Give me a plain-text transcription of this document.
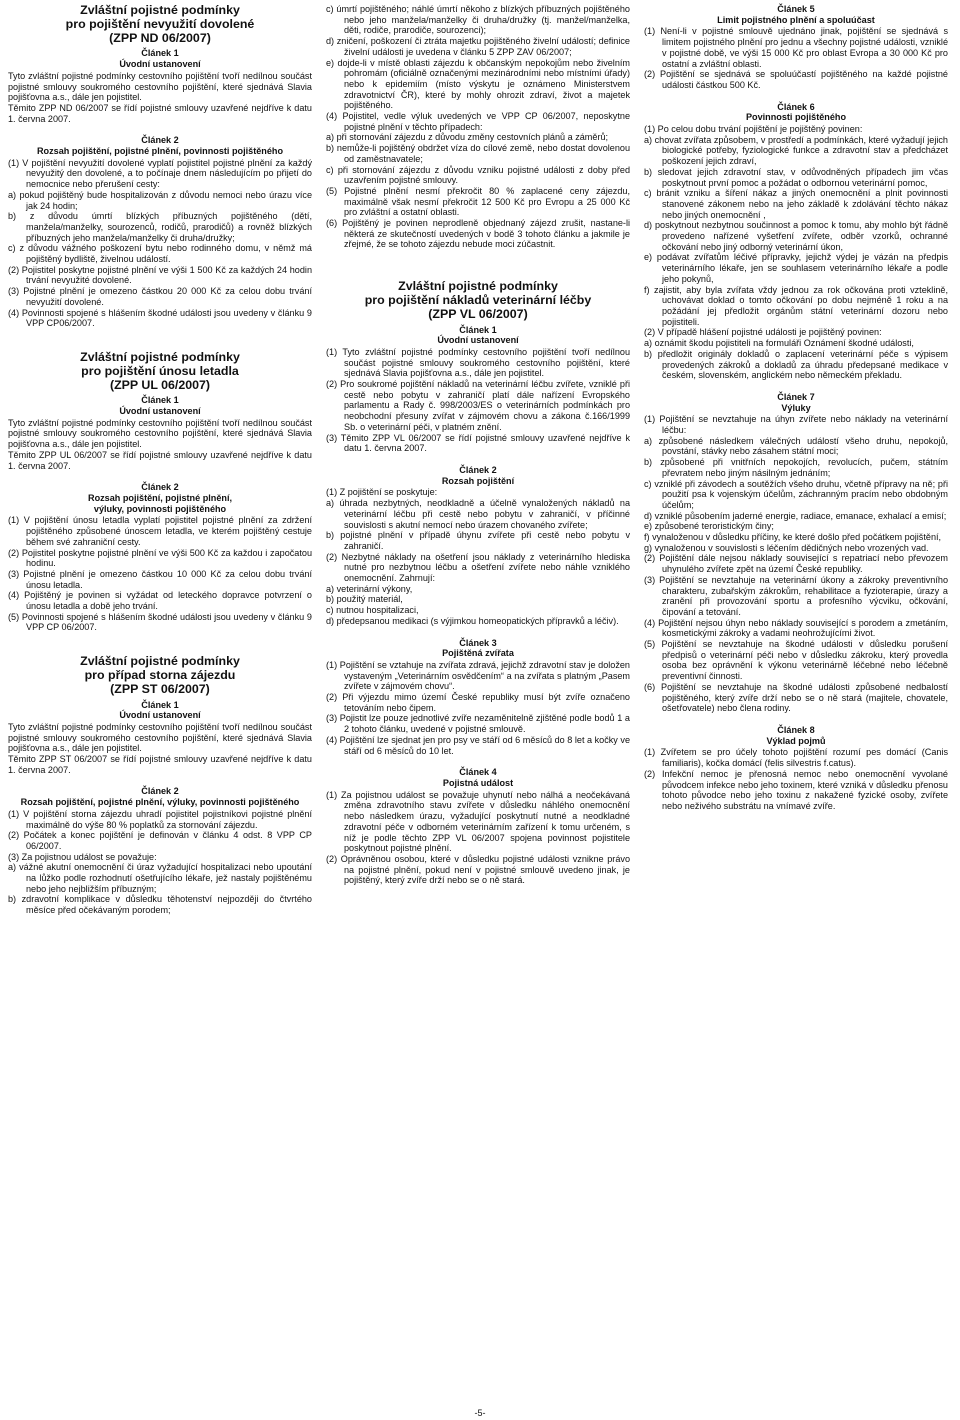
Zvláštní pojistné podmínky
pro pojištění nevyužití dovolené
(ZPP ND 06/2007)
Článek 1
Úvodní ustanovení

Tyto zvláštní pojistné podmínky cestovního pojištění tvoří nedílnou součást pojistné smlouvy soukromého cestovního pojištění, které sjednává Slavia pojišťovna a.s., dále jen pojistitel.

Těmito ZPP ND 06/2007 se řídí pojistné smlouvy uzavřené nejdříve k datu 1. června 2007.

Článek 2
Rozsah pojištění, pojistné plnění, povinnosti pojištěného

(1) V pojištění nevyužití dovolené vyplatí pojistitel pojistné plnění za každý nevyužitý den dovolené, a to počínaje dnem následujícím po přijetí do nemocnice nebo přerušení cesty:

a) pokud pojištěný bude hospitalizován z důvodu nemoci nebo úrazu více jak 24 hodin;

b) z důvodu úmrtí blízkých příbuzných pojištěného (dětí, manžela/manželky, sourozenců, rodičů, prarodičů) a rovněž blízkých příbuzných jeho manžela/manželky či druha/družky;

c) z důvodu vážného poškození bytu nebo rodinného domu, v němž má pojištěný bydliště, živelnou událostí.

(2) Pojistitel poskytne pojistné plnění ve výši 1 500 Kč za každých 24 hodin trvání nevyužité dovolené.

(3) Pojistné plnění je omezeno částkou 20 000 Kč za celou dobu trvání nevyužití dovolené.

(4) Povinnosti spojené s hlášením škodné události jsou uvedeny v článku 9 VPP CP06/2007.

Zvláštní pojistné podmínky
pro pojištění únosu letadla
(ZPP UL 06/2007)
Článek 1
Úvodní ustanovení

Tyto zvláštní pojistné podmínky cestovního pojištění tvoří nedílnou součást pojistné smlouvy soukromého cestovního pojištění, které sjednává Slavia pojišťovna a.s., dále jen pojistitel.

Těmito ZPP UL 06/2007 se řídí pojistné smlouvy uzavřené nejdříve k datu 1. června 2007.

Článek 2
Rozsah pojištění, pojistné plnění,
výluky, povinnosti pojištěného

(1) V pojištění únosu letadla vyplatí pojistitel pojistné plnění za zdržení pojištěného způsobené únoscem letadla, ve kterém pojištěný cestuje během své zahraniční cesty.

(2) Pojistitel poskytne pojistné plnění ve výši 500 Kč za každou i započatou hodinu.

(3) Pojistné plnění je omezeno částkou 10 000 Kč za celou dobu trvání únosu letadla.

(4) Pojištěný je povinen si vyžádat od leteckého dopravce potvrzení o únosu letadla a době jeho trvání.

(5) Povinnosti spojené s hlášením škodné události jsou uvedeny v článku 9 VPP CP 06/2007.

Zvláštní pojistné podmínky
pro případ storna zájezdu
(ZPP ST 06/2007)
Článek 1
Úvodní ustanovení

Tyto zvláštní pojistné podmínky cestovního pojištění tvoří nedílnou součást pojistné smlouvy soukromého cestovního pojištění, které sjednává Slavia pojišťovna a.s., dále jen pojistitel.

Těmito ZPP ST 06/2007 se řídí pojistné smlouvy uzavřené nejdříve k datu 1. června 2007.

Článek 2
Rozsah pojištění, pojistné plnění, výluky, povinnosti pojištěného

(1) V pojištění storna zájezdu uhradí pojistitel pojistníkovi pojistné plnění maximálně do výše 80 % poplatků za stornování zájezdu.

(2) Počátek a konec pojištění je definován v článku 4 odst. 8 VPP CP 06/2007.

(3) Za pojistnou událost se považuje:

a) vážné akutní onemocnění či úraz vyžadující hospitalizaci nebo upoutání na lůžko podle rozhodnutí ošetřujícího lékaře, jež nastaly pojištěnému nebo jeho nejbližším příbuzným;

b) zdravotní komplikace v důsledku těhotenství nejpozději do čtvrtého měsíce před očekávaným porodem;

c) úmrtí pojištěného; náhlé úmrtí někoho z blízkých příbuzných pojištěného nebo jeho manžela/manželky či druha/družky (tj. manžel/manželka, děti, rodiče, prarodiče, sourozenci);

d) zničení, poškození či ztráta majetku pojištěného živelní událostí; definice živelní události je uvedena v článku 5 ZPP ZAV 06/2007;

e) dojde-li v místě oblasti zájezdu k občanským nepokojům nebo živelním pohromám (oficiálně označenými mezinárodními nebo místními úřady) nebo k epidemiím (místo výskytu je oznámeno Ministerstvem zdravotnictví ČR), které by mohly ohrozit zdraví, život a majetek pojištěného.

(4) Pojistitel, vedle výluk uvedených ve VPP CP 06/2007, neposkytne pojistné plnění v těchto případech:

a) při stornování zájezdu z důvodu změny cestovních plánů a záměrů;

b) nemůže-li pojištěný obdržet víza do cílové země, nebo dostat dovolenou od zaměstnavatele;

c) při stornování zájezdu z důvodu vzniku pojistné události z doby před uzavřením pojistné smlouvy.

(5) Pojistné plnění nesmí překročit 80 % zaplacené ceny zájezdu, maximálně však nesmí překročit 12 500 Kč pro Evropu a 25 000 Kč pro zvláštní a ostatní oblasti.

(6) Pojištěný je povinen neprodleně objednaný zájezd zrušit, nastane-li některá ze skutečností uvedených v bodě 3 tohoto článku a jakmile je zřejmé, že se tohoto zájezdu nebude moci zúčastnit.

Zvláštní pojistné podmínky
pro pojištění nákladů veterinární léčby
(ZPP VL 06/2007)
Článek 1
Úvodní ustanovení

(1) Tyto zvláštní pojistné podmínky cestovního pojištění tvoří nedílnou součást pojistné smlouvy soukromého cestovního pojištění, které sjednává Slavia pojišťovna a.s., dále jen pojistitel.

(2) Pro soukromé pojištění nákladů na veterinární léčbu zvířete, vzniklé při cestě nebo pobytu v zahraničí platí dále nařízení Evropského parlamentu a Rady č. 998/2003/ES o veterinárních podmínkách pro neobchodní přesuny zvířat v zájmovém chovu a zákona č.166/1999 Sb. o veterinární péči, v platném znění.

(3) Těmito ZPP VL 06/2007 se řídí pojistné smlouvy uzavřené nejdříve k datu 1. června 2007.

Článek 2
Rozsah pojištění

(1) Z pojištění se poskytuje:

a) úhrada nezbytných, neodkladně a účelně vynaložených nákladů na veterinární léčbu při cestě nebo pobytu v zahraničí, v příčinné souvislosti s akutní nemocí nebo úrazem chovaného zvířete;

b) pojistné plnění v případě úhynu zvířete při cestě nebo pobytu v zahraničí.

(2) Nezbytné náklady na ošetření jsou náklady z veterinárního hlediska nutné pro nezbytnou léčbu a ošetření zvířete nebo náhle vzniklého onemocnění. Zahrnují:

a) veterinární výkony,

b) použitý materiál,

c) nutnou hospitalizaci,

d) předepsanou medikaci (s výjimkou homeopatických přípravků a léčiv).

Článek 3
Pojištěná zvířata

(1) Pojištění se vztahuje na zvířata zdravá, jejichž zdravotní stav je doložen vystaveným „Veterinárním osvědčením“ a na zvířata s platným „Pasem zvířete v zájmovém chovu“.

(2) Při výjezdu mimo území České republiky musí být zvíře označeno tetováním nebo čipem.

(3) Pojistit lze pouze jednotlivé zvíře nezaměnitelně zjištěné podle bodů 1 a 2 tohoto článku, uvedené v pojistné smlouvě.

(4) Pojištění lze sjednat jen pro psy ve stáří od 6 měsíců do 8 let a kočky ve stáří od 6 měsíců do 10 let.

Článek 4
Pojistná událost

(1) Za pojistnou událost se považuje uhynutí nebo nálhá a neočekávaná změna zdravotního stavu zvířete v důsledku náhlého onemocnění nebo následkem úrazu, vyžadující poskytnutí nutné a neodkladné zdravotní péče v odborném veterinárním zařízení k tomu určeném, s níž je podle těchto ZPP VL 06/2007 spojena povinnost pojistitele poskytnout pojistné plnění.

(2) Oprávněnou osobou, které v důsledku pojistné události vznikne právo na pojistné plnění, pokud není v pojistné smlouvě uvedeno jinak, je pojištěný, který zvíře drží nebo se o ně stará.

Článek 5
Limit pojistného plnění a spoluúčast

(1) Není-li v pojistné smlouvě ujednáno jinak, pojištění se sjednává s limitem pojistného plnění pro jednu a všechny pojistné události, vzniklé v pojistné době, ve výši 15 000 Kč pro oblast Evropa a 30 000 Kč pro ostatní a zvláštní oblasti.

(2) Pojištění se sjednává se spoluúčastí pojištěného na každé pojistné události částkou 500 Kč.

Článek 6
Povinnosti pojištěného

(1) Po celou dobu trvání pojištění je pojištěný povinen:

a) chovat zvířata způsobem, v prostředí a podmínkách, které vyžadují jejich biologické potřeby, fyziologické funkce a zdravotní stav a předcházet poškození jejich zdraví,

b) sledovat jejich zdravotní stav, v odůvodněných případech jim včas poskytnout první pomoc a požádat o odbornou veterinární pomoc,

c) bránit vzniku a šíření nákaz a jiných onemocnění a plnit povinnosti stanovené zákonem nebo na jeho základě k zdolávání těchto nákaz nebo jiných onemocnění ,

d) poskytnout nezbytnou součinnost a pomoc k tomu, aby mohlo být řádně provedeno nařízené vyšetření zvířete, odběr vzorků, ochranné očkování nebo jiný odborný veterinární úkon,

e) podávat zvířatům léčivé přípravky, jejichž výdej je vázán na předpis veterinárního lékaře, jen se souhlasem veterinárního lékaře a podle jeho pokynů,

f) zajistit, aby byla zvířata vždy jednou za rok očkována proti vzteklině, uchovávat doklad o tomto očkování po dobu nejméně 1 roku a na požádání jej předložit orgánům státní veterinární dozoru nebo pojistiteli.

(2) V případě hlášení pojistné události je pojištěný povinen:

a) oznámit škodu pojistiteli na formuláři Oznámení škodné události,

b) předložit originály dokladů o zaplacení veterinární péče s výpisem provedených zákroků a dokladů za úhradu předepsané medikace v českém, slovenském, anglickém nebo německém překladu.

Článek 7
Výluky

(1) Pojištění se nevztahuje na úhyn zvířete nebo náklady na veterinární léčbu:

a) způsobené následkem válečných událostí všeho druhu, nepokojů, povstání, stávky nebo zásahem státní moci;

b) způsobené při vnitřních nepokojích, revolucích, pučem, státním převratem nebo jiným násilným jednáním;

c) vzniklé při závodech a soutěžích všeho druhu, včetně přípravy na ně; při použití psa k vojenským účelům, záchranným pracím nebo obdobným účelům;

d) vzniklé působením jaderné energie, radiace, emanace, exhalací a emisí;

e) způsobené teroristickým činy;

f) vynaloženou v důsledku příčiny, ke které došlo před počátkem pojištění,

g) vynaloženou v souvislosti s léčením dědičných nebo vrozených vad.

(2) Pojištění dále nejsou náklady související s repatriací nebo převozem uhynulého zvířete zpět na území České republiky.

(3) Pojištění se nevztahuje na veterinární úkony a zákroky preventivního charakteru, zubařským zákrokům, rehabilitace a fyzioterapie, úrazy a zranění při provozování sportu a profesního výcviku, očkování, čipování a tetování.

(4) Pojištění nejsou úhyn nebo náklady související s porodem a zmetáním, kosmetickými zákroky a vadami neohrožujícími život.

(5) Pojištění se nevztahuje na škodné události v důsledku porušení předpisů o veterinární péči nebo v důsledku zákroku, který provedla osoba bez oprávnění k výkonu veterinárně léčebné nebo léčebně preventivní činnosti.

(6) Pojištění se nevztahuje na škodné události způsobené nedbalostí pojištěného, který zvíře drží nebo se o ně stará (majitele, chovatele, ošetřovatele) nebo člena rodiny.

Článek 8
Výklad pojmů

(1) Zvířetem se pro účely tohoto pojištění rozumí pes domácí (Canis familiaris), kočka domácí (felis silvestris f.catus).

(2) Infekční nemoc je přenosná nemoc nebo onemocnění vyvolané původcem infekce nebo jeho toxinem, které vzniká v důsledku přenosu tohoto původce nebo jeho toxinu z nakažené fyzické osoby, zvířete nebo neživého substrátu na vnímavé zvíře.

-5-
